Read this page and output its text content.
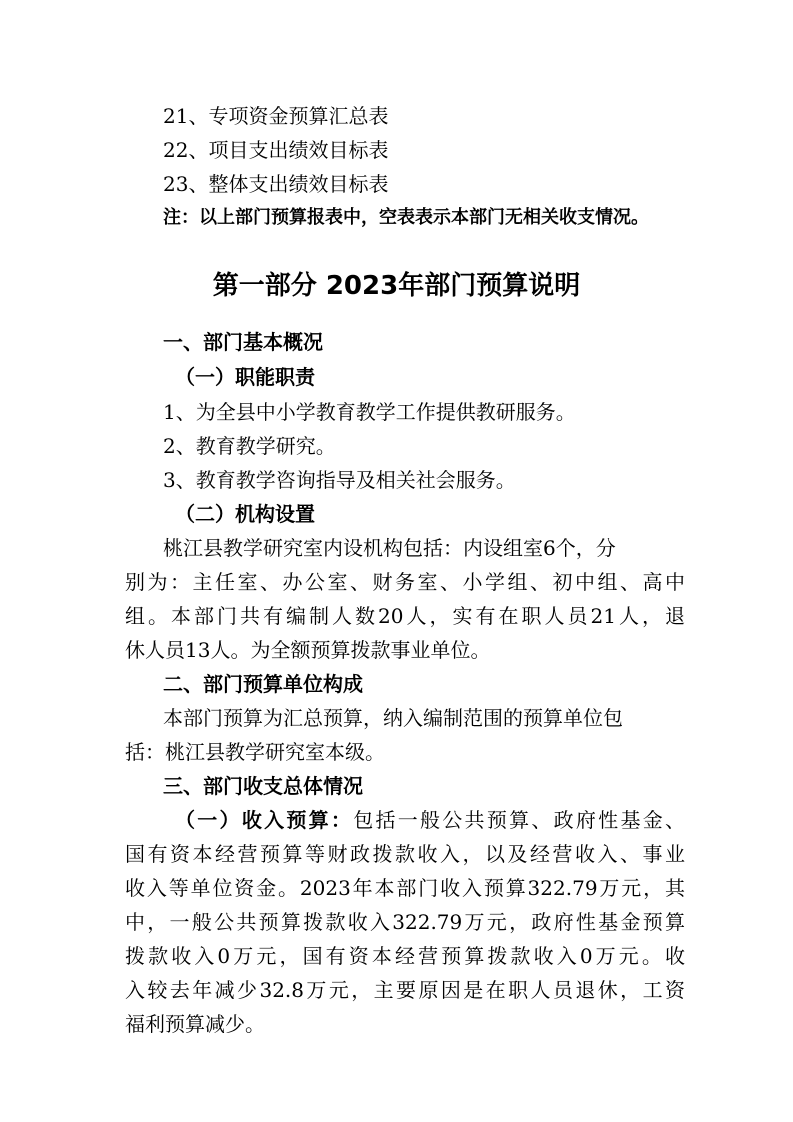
21、专项资金预算汇总表
22、项目支出绩效目标表
23、整体支出绩效目标表
注：以上部门预算报表中，空表表示本部门无相关收支情况。
第一部分 2023年部门预算说明
一、部门基本概况
（一）职能职责
1、为全县中小学教育教学工作提供教研服务。
2、教育教学研究。
3、教育教学咨询指导及相关社会服务。
（二）机构设置
桃江县教学研究室内设机构包括：内设组室6个，分
别为：主任室、办公室、财务室、小学组、初中组、高中
组。本部门共有编制人数20人，实有在职人员21人，退
休人员13人。为全额预算拨款事业单位。
二、部门预算单位构成
本部门预算为汇总预算，纳入编制范围的预算单位包
括：桃江县教学研究室本级。
三、部门收支总体情况
（一）收入预算：包括一般公共预算、政府性基金、
国有资本经营预算等财政拨款收入，以及经营收入、事业
收入等单位资金。2023年本部门收入预算322.79万元，其
中，一般公共预算拨款收入322.79万元，政府性基金预算
拨款收入0万元，国有资本经营预算拨款收入0万元。收
入较去年减少32.8万元，主要原因是在职人员退休，工资
福利预算减少。
